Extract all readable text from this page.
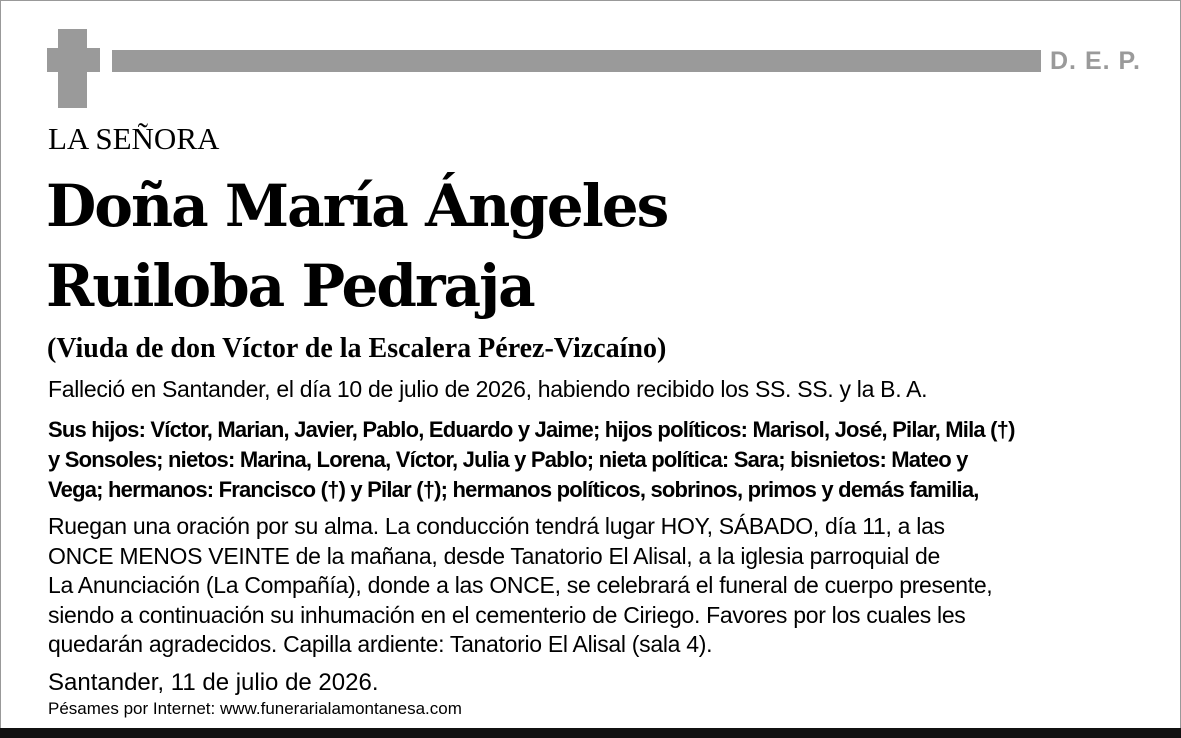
D. E. P.
LA SEÑORA
Doña María Ángeles
Ruiloba Pedraja
(Viuda de don Víctor de la Escalera Pérez-Vizcaíno)
Falleció en Santander, el día 10 de julio de 2026, habiendo recibido los SS. SS. y la B. A.
Sus hijos: Víctor, Marian, Javier, Pablo, Eduardo y Jaime; hijos políticos: Marisol, José, Pilar, Mila (†)
y Sonsoles; nietos: Marina, Lorena, Víctor, Julia y Pablo; nieta política: Sara; bisnietos: Mateo y
Vega; hermanos: Francisco (†) y Pilar (†); hermanos políticos, sobrinos, primos y demás familia,
Ruegan una oración por su alma. La conducción tendrá lugar HOY, SÁBADO, día 11, a las
ONCE MENOS VEINTE de la mañana, desde Tanatorio El Alisal, a la iglesia parroquial de
La Anunciación (La Compañía), donde a las ONCE, se celebrará el funeral de cuerpo presente,
siendo a continuación su inhumación en el cementerio de Ciriego. Favores por los cuales les
quedarán agradecidos. Capilla ardiente: Tanatorio El Alisal (sala 4).
Santander, 11 de julio de 2026.
Pésames por Internet: www.funerarialamontanesa.com
